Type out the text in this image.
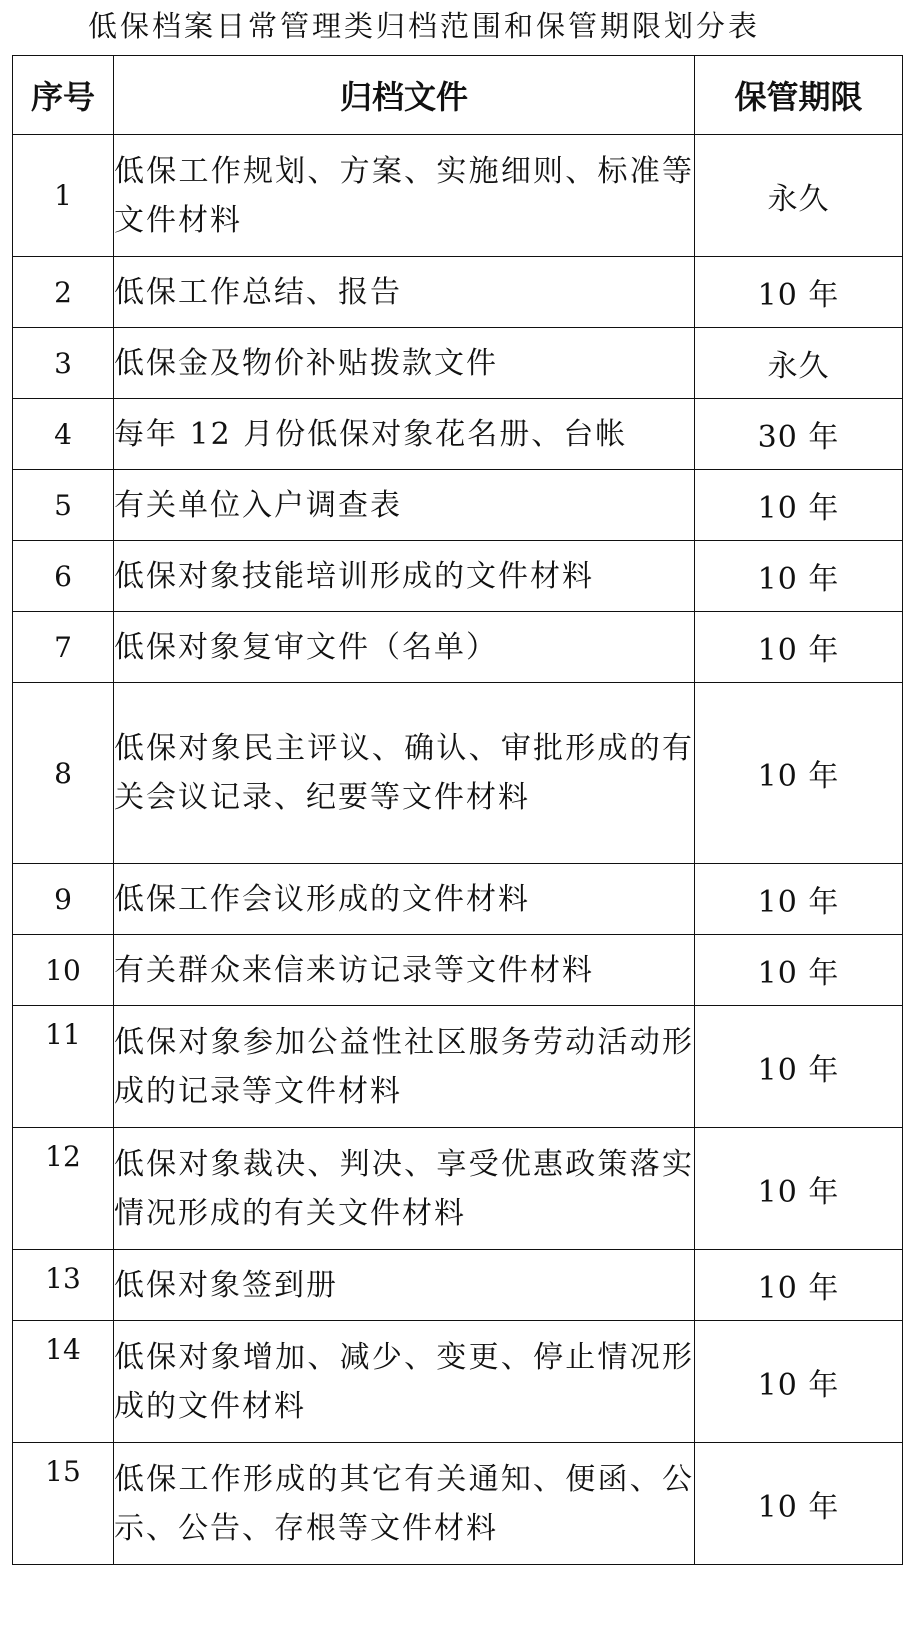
低保档案日常管理类归档范围和保管期限划分表
序号	归档文件	保管期限
1	低保工作规划、方案、实施细则、标准等文件材料	永久
2	低保工作总结、报告	10 年
3	低保金及物价补贴拨款文件	永久
4	每年 12 月份低保对象花名册、台帐	30 年
5	有关单位入户调查表	10 年
6	低保对象技能培训形成的文件材料	10 年
7	低保对象复审文件（名单）	10 年
8	低保对象民主评议、确认、审批形成的有关会议记录、纪要等文件材料	10 年
9	低保工作会议形成的文件材料	10 年
10	有关群众来信来访记录等文件材料	10 年
11	低保对象参加公益性社区服务劳动活动形成的记录等文件材料	10 年
12	低保对象裁决、判决、享受优惠政策落实情况形成的有关文件材料	10 年
13	低保对象签到册	10 年
14	低保对象增加、减少、变更、停止情况形成的文件材料	10 年
15	低保工作形成的其它有关通知、便函、公示、公告、存根等文件材料	10 年
